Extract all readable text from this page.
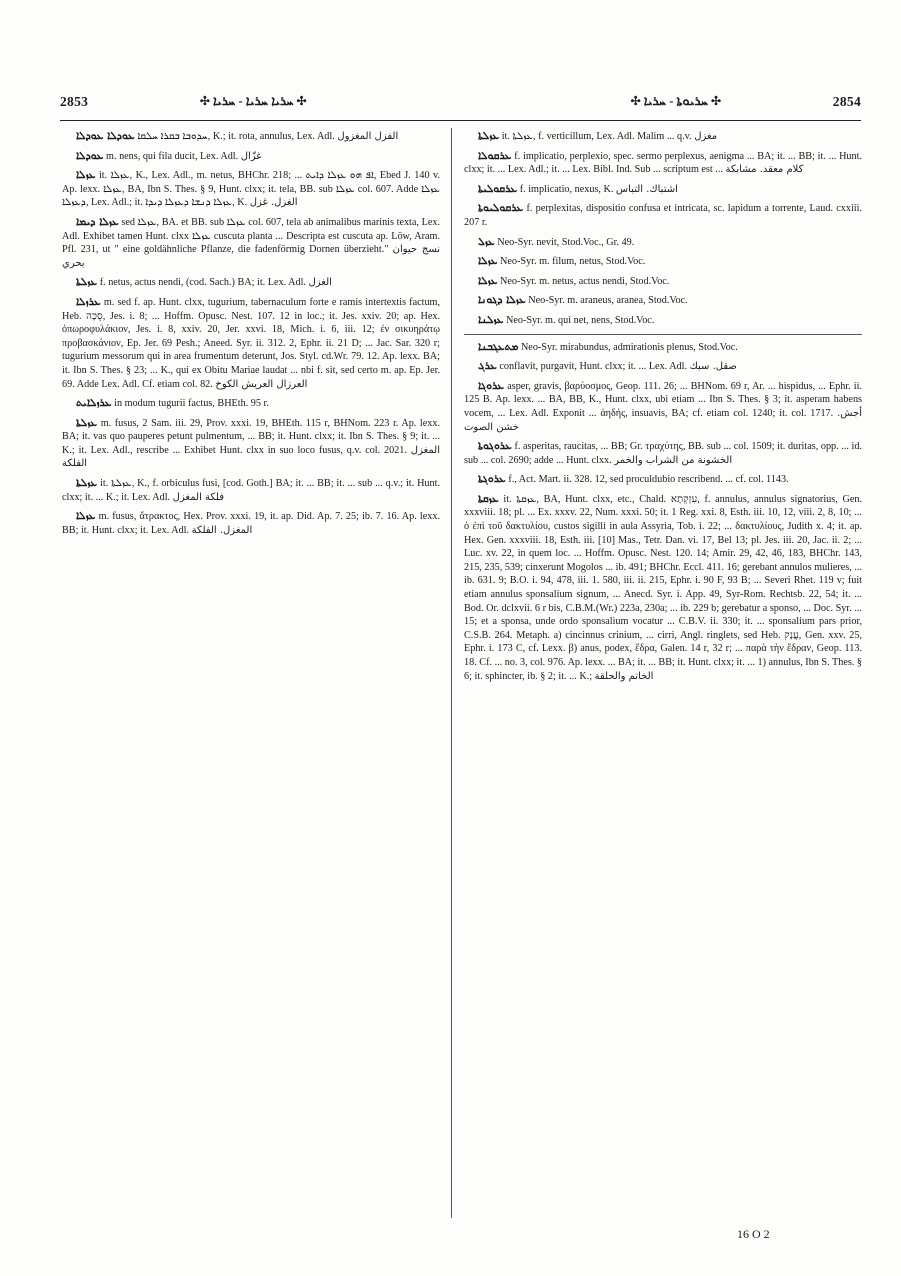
2853	✣ ܚܪܝܐ ܚܪܝܐ - ܚܪܝܐ ✣	✣ ܚܪܝܘܬܐ - ܚܪܝܐ ✣	2854

ܥܘܕܠܐ ܥܘܕܠܐ ܚܕܘܒܐ ܒܩܪܐ ܚܠܩܐ, K.; it. rota, annulus, Lex. Adl. الفزل المغزول

ܥܘܕܠܐ m. nens, qui fila ducit, Lex. Adl. غزّال

ܥܙܠܐ it. ܥܙܠܐ, K., Lex. Adl., m. netus, BHChr. 218; ... ܐܦ ܗܘ ܥܙܠܐ ܕܐܝܬ, Ebed J. 140 v. Ap. lexx. ܥܙܠܐ, BA, Ibn S. Thes. § 9, Hunt. clxx; it. tela, BB. sub ܥܙܠܐ col. 607. Adde ܥܙܠܐ ܕܥܙܠܐ, Lex. Adl.; it. ܥܙܠܐ ܕܢܫܐ ܕܥܙܠܐ ܕܝܕܐ, K. الغزل. غزل

ܥܙܠܐ ܕܝܡܐ sed ܥܙܠܐ, BA. et BB. sub ܥܙܠܐ col. 607, tela ab animalibus marinis texta, Lex. Adl. Exhibet tamen Hunt. clxx ܥܙܠܐ cuscuta planta ... Descripta est cuscuta ap. Löw, Aram. Pfl. 231, ut " eine goldähnliche Pflanze, die fadenförmig Dornen überzieht." نسج حيوان بحري

ܥܙܠܬܐ f. netus, actus nendi, (cod. Sach.) BA; it. Lex. Adl. الغزل

ܥܪܙܠܐ m. sed f. ap. Hunt. clxx, tugurium, tabernaculum forte e ramis intertextis factum, Heb. סֻכָּה, Jes. i. 8; ... Hoffm. Opusc. Nest. 107. 12 in loc.; it. Jes. xxiv. 20; ap. Hex. ὀπωροφυλάκιον, Jes. i. 8, xxiv. 20, Jer. xxvi. 18, Mich. i. 6, iii. 12; ἐν σικυηράτῳ προβασκάνιον, Ep. Jer. 69 Pesh.; Aneed. Syr. ii. 312. 2, Ephr. ii. 21 D; ... Jac. Sar. 320 r; tugurium messorum qui in area frumentum deterunt, Jos. Styl. cd.Wr. 79. 12. Ap. lexx. BA; it. Ibn S. Thes. § 23; ... K., qui ex Obitu Mariae laudat ... nbi f. sit, sed certo m. ap. Ep. Jer. 69. Adde Lex. Adl. Cf. etiam col. 82. العرزال العريش الكوخ

ܥܪܙܠܐܝܬ in modum tugurii factus, BHEth. 95 r.

ܥܙܠܬܐ m. fusus, 2 Sam. iii. 29, Prov. xxxi. 19, BHEth. 115 r, BHNom. 223 r. Ap. lexx. BA; it. vas quo pauperes petunt pulmentum, ... BB; it. Hunt. clxx; it. Ibn S. Thes. § 9; it. ... K.; it. Lex. Adl., rescribe ... Exhibet Hunt. clxx in suo loco fusus, q.v. col. 2021. المغزل الفلكة

ܥܙܠܬܐ it. ܥܙܠܬܐ, K., f. orbiculus fusi, [cod. Goth.] BA; it. ... BB; it. ... sub ... q.v.; it. Hunt. clxx; it. ... K.; it. Lex. Adl. فلكة المغزل

ܥܙܠܐ m. fusus, ἄτρακτος, Hex. Prov. xxxi. 19, it. ap. Did. Ap. 7. 25; ib. 7. 16. Ap. lexx. BB; it. Hunt. clxx; it. Lex. Adl. المغزل. الفلكة

ܥܙܠܬܐ it. ܥܙܠܬܐ, f. verticillum, Lex. Adl. Malim ... q.v. مغزل

ܥܪܩܘܠܐ f. implicatio, perplexio, spec. sermo perplexus, aenigma ... BA; it. ... BB; it. ... Hunt. clxx; it. ... Lex. Adl.; it. ... Lex. Bibl. Ind. Sub ... scriptum est ... كلام معقد. مشابكة

ܥܪܩܘܠܝܬܐ f. implicatio, nexus, K. اشتباك. التباس

ܥܪܩܘܠܝܘܬܐ f. perplexitas, dispositio confusa et intricata, sc. lapidum a torrente, Laud. cxxiii. 207 r.

ܥܙܠ Neo-Syr. nevit, Stod.Voc., Gr. 49.

ܥܙܠܐ Neo-Syr. m. filum, netus, Stod.Voc.

ܥܙܠܐ Neo-Syr. m. netus, actus nendi, Stod.Voc.

ܥܙܠܐ ܕܓܘܢܐ Neo-Syr. m. araneus, aranea, Stod.Voc.

ܥܙܠܢܐ Neo-Syr. m. qui net, nens, Stod.Voc.

ܡܬܥܓܒܢܐ Neo-Syr. mirabundus, admirationis plenus, Stod.Voc.

ܥܪܓ conflavit, purgavit, Hunt. clxx; it. ... Lex. Adl. صقل. سبك

ܥܪܘܓܐ asper, gravis, βαρύοσμος, Geop. 111. 26; ... BHNom. 69 r, Ar. ... hispidus, ... Ephr. ii. 125 B. Ap. lexx. ... BA, BB, K., Hunt. clxx, ubi etiam ... Ibn S. Thes. § 3; it. asperam habens vocem, ... Lex. Adl. Exponit ... ἀηδής, insuavis, BA; cf. etiam col. 1240; it. col. 1717. أجش. خشن الصوت

ܥܪܘܓܘܬܐ f. asperitas, raucitas, ... BB; Gr. τραχύτης, BB. sub ... col. 1509; it. duritas, opp. ... id. sub ... col. 2690; adde ... Hunt. clxx. الخشونة من الشراب والخمر

ܥܪܘܓܬܐ f., Act. Mart. ii. 328. 12, sed proculdubio rescribend. ... cf. col. 1143.

ܥܙܩܬܐ it. ܥܙܩܬܐ, BA, Hunt. clxx, etc., Chald. עִזְקְתָא, f. annulus, annulus signatorius, Gen. xxxviii. 18; pl. ... Ex. xxxv. 22, Num. xxxi. 50; it. 1 Reg. xxi. 8, Esth. iii. 10, 12, viii. 2, 8, 10; ... ὁ ἐπὶ τοῦ δακτυλίου, custos sigilli in aula Assyria, Tob. i. 22; ... δακτυλίους, Judith x. 4; it. ap. Hex. Gen. xxxviii. 18, Esth. iii. [10] Mas., Tetr. Dan. vi. 17, Bel 13; pl. Jes. iii. 20, Jac. ii. 2; ... Luc. xv. 22, in quem loc. ... Hoffm. Opusc. Nest. 120. 14; Amir. 29, 42, 46, 183, BHChr. 143, 215, 235, 539; cinxerunt Mogolos ... ib. 491; BHChr. Eccl. 411. 16; gerebant annulos mulieres, ... ib. 631. 9; B.O. i. 94, 478, iii. 1. 580, iii. ii. 215, Ephr. i. 90 F, 93 B; ... Severi Rhet. 119 v; fuit etiam annulus sponsalium signum, ... Anecd. Syr. i. App. 49, Syr-Rom. Rechtsb. 22, 54; it. ... Bod. Or. dclxvii. 6 r bis, C.B.M.(Wr.) 223a, 230a; ... ib. 229 b; gerebatur a sponso, ... Doc. Syr. ... 15; et a sponsa, unde ordo sponsalium vocatur ... C.B.V. ii. 330; it. ... sponsalium pars prior, C.S.B. 264. Metaph. a) cincinnus crinium, ... cirri, Angl. ringlets, sed Heb. עֲנָק, Gen. xxv. 25, Ephr. i. 173 C, cf. Lexx. β) anus, podex, ἕδρα, Galen. 14 r, 32 r; ... παρὰ τὴν ἕδραν, Geop. 113. 18. Cf. ... no. 3, col. 976. Ap. lexx. ... BA; it. ... BB; it. Hunt. clxx; it. ... 1) annulus, Ibn S. Thes. § 6; it. sphincter, ib. § 2; it. ... K.; الخاتم والحلقة

16 O 2
